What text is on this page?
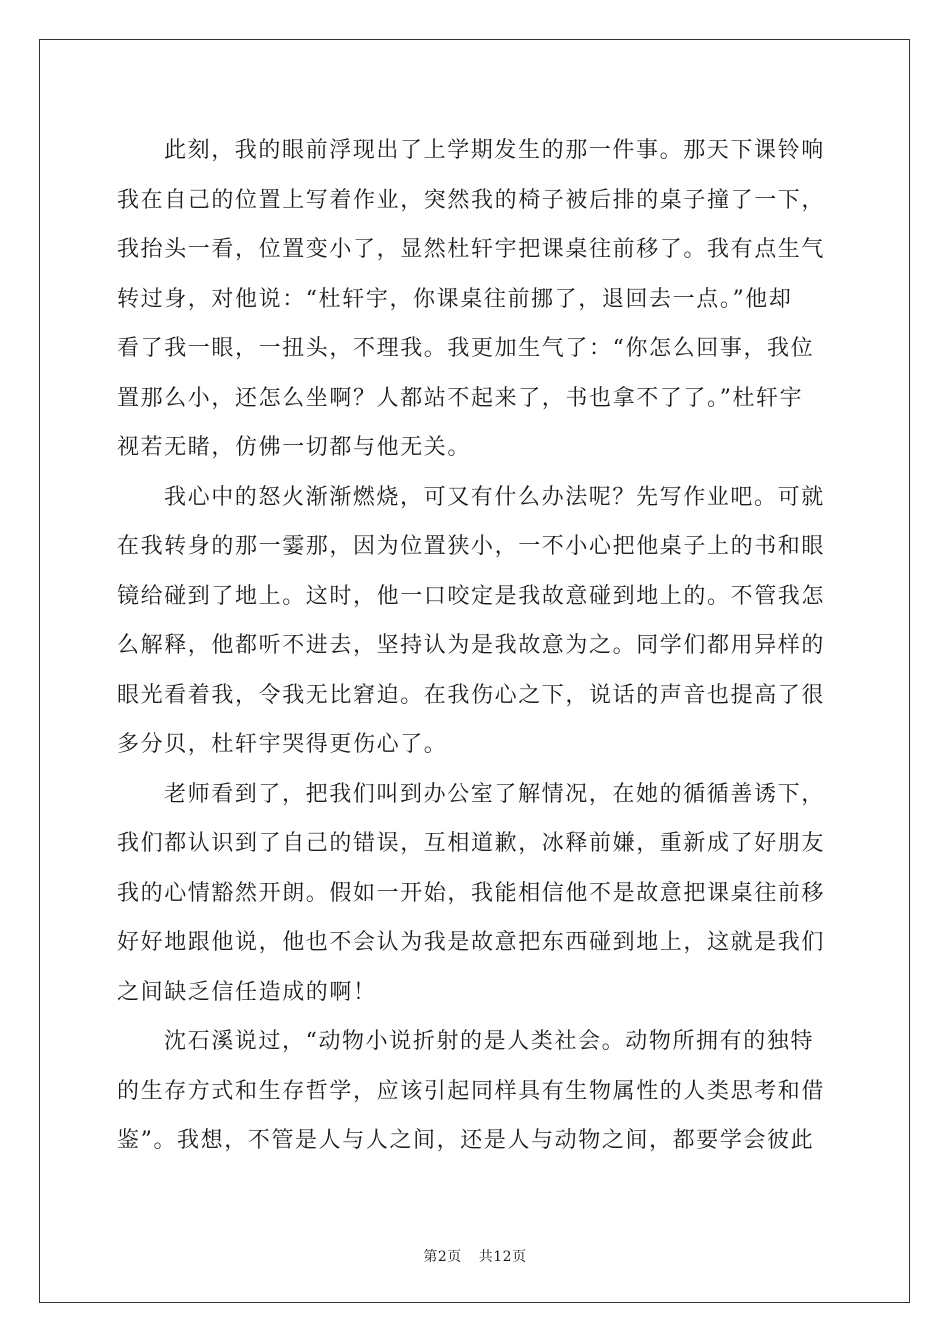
此刻，我的眼前浮现出了上学期发生的那一件事。那天下课铃响
我在自己的位置上写着作业，突然我的椅子被后排的桌子撞了一下，
我抬头一看，位置变小了，显然杜轩宇把课桌往前移了。我有点生气
转过身，对他说：“杜轩宇，你课桌往前挪了，退回去一点。”他却
看了我一眼，一扭头，不理我。我更加生气了：“你怎么回事，我位
置那么小，还怎么坐啊？人都站不起来了，书也拿不了了。”杜轩宇
视若无睹，仿佛一切都与他无关。
我心中的怒火渐渐燃烧，可又有什么办法呢？先写作业吧。可就
在我转身的那一霎那，因为位置狭小，一不小心把他桌子上的书和眼
镜给碰到了地上。这时，他一口咬定是我故意碰到地上的。不管我怎
么解释，他都听不进去，坚持认为是我故意为之。同学们都用异样的
眼光看着我，令我无比窘迫。在我伤心之下，说话的声音也提高了很
多分贝，杜轩宇哭得更伤心了。
老师看到了，把我们叫到办公室了解情况，在她的循循善诱下，
我们都认识到了自己的错误，互相道歉，冰释前嫌，重新成了好朋友
我的心情豁然开朗。假如一开始，我能相信他不是故意把课桌往前移
好好地跟他说，他也不会认为我是故意把东西碰到地上，这就是我们
之间缺乏信任造成的啊！
沈石溪说过，“动物小说折射的是人类社会。动物所拥有的独特
的生存方式和生存哲学，应该引起同样具有生物属性的人类思考和借
鉴”。我想，不管是人与人之间，还是人与动物之间，都要学会彼此
第2页 共12页
